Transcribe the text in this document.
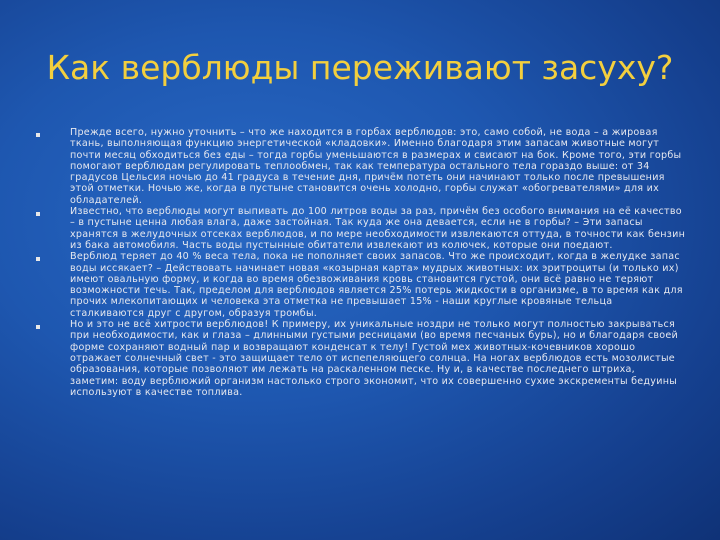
Как верблюды переживают засуху?
Прежде всего, нужно уточнить – что же находится в горбах верблюдов: это, само собой, не вода – а жировая ткань, выполняющая функцию энергетической «кладовки». Именно благодаря этим запасам животные могут почти месяц обходиться без еды – тогда горбы уменьшаются в размерах и свисают на бок. Кроме того, эти горбы помогают верблюдам регулировать теплообмен, так как температура остального тела гораздо выше: от 34 градусов Цельсия ночью до 41 градуса в течение дня, причём потеть они начинают только после превышения этой отметки. Ночью же, когда в пустыне становится очень холодно, горбы служат «обогревателями» для их обладателей.
Известно, что верблюды могут выпивать до 100 литров воды за раз, причём без особого внимания на её качество – в пустыне ценна любая влага, даже застойная. Так куда же она девается, если не в горбы? – Эти запасы хранятся в желудочных отсеках верблюдов, и по мере необходимости извлекаются оттуда, в точности как бензин из бака автомобиля. Часть воды пустынные обитатели извлекают из колючек, которые они поедают.
Верблюд теряет до 40 % веса тела, пока не пополняет своих запасов. Что же происходит, когда в желудке запас воды иссякает? – Действовать начинает новая «козырная карта» мудрых животных: их эритроциты (и только их) имеют овальную форму, и когда во время обезвоживания кровь становится густой, они всё равно не теряют возможности течь. Так, пределом для верблюдов является 25% потерь жидкости в организме, в то время как для прочих млекопитающих и человека эта отметка не превышает 15% - наши круглые кровяные тельца сталкиваются друг с другом, образуя тромбы.
Но и это не всё хитрости верблюдов! К примеру, их уникальные ноздри не только могут полностью закрываться при необходимости, как и глаза – длинными густыми ресницами (во время песчаных бурь), но и благодаря своей форме сохраняют водный пар и возвращают конденсат к телу! Густой мех животных-кочевников хорошо отражает солнечный свет - это защищает тело от испепеляющего солнца. На ногах верблюдов есть мозолистые образования, которые позволяют им лежать на раскаленном песке. Ну и, в качестве последнего штриха, заметим: воду верблюжий организм настолько строго экономит, что их совершенно сухие экскременты бедуины используют в качестве топлива.
